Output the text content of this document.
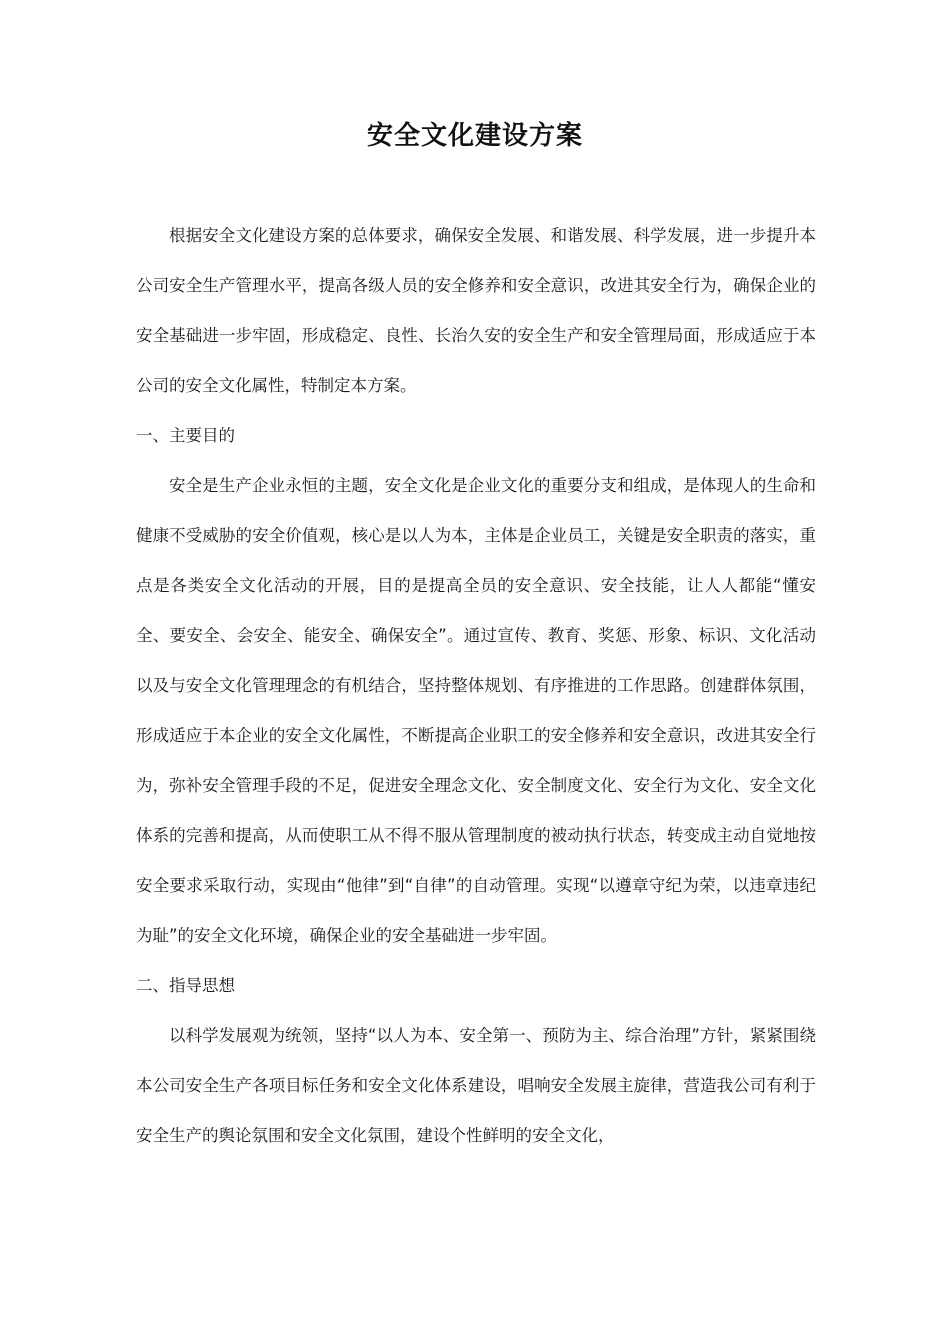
安全文化建设方案

根据安全文化建设方案的总体要求，确保安全发展、和谐发展、科学发展，进一步提升本公司安全生产管理水平，提高各级人员的安全修养和安全意识，改进其安全行为，确保企业的安全基础进一步牢固，形成稳定、良性、长治久安的安全生产和安全管理局面，形成适应于本公司的安全文化属性，特制定本方案。

一、主要目的

安全是生产企业永恒的主题，安全文化是企业文化的重要分支和组成，是体现人的生命和健康不受威胁的安全价值观，核心是以人为本，主体是企业员工，关键是安全职责的落实，重点是各类安全文化活动的开展，目的是提高全员的安全意识、安全技能，让人人都能“懂安全、要安全、会安全、能安全、确保安全”。通过宣传、教育、奖惩、形象、标识、文化活动以及与安全文化管理理念的有机结合，坚持整体规划、有序推进的工作思路。创建群体氛围，形成适应于本企业的安全文化属性，不断提高企业职工的安全修养和安全意识，改进其安全行为，弥补安全管理手段的不足，促进安全理念文化、安全制度文化、安全行为文化、安全文化体系的完善和提高，从而使职工从不得不服从管理制度的被动执行状态，转变成主动自觉地按安全要求采取行动，实现由“他律”到“自律”的自动管理。实现“以遵章守纪为荣，以违章违纪为耻”的安全文化环境，确保企业的安全基础进一步牢固。

二、指导思想

以科学发展观为统领，坚持“以人为本、安全第一、预防为主、综合治理”方针，紧紧围绕本公司安全生产各项目标任务和安全文化体系建设，唱响安全发展主旋律，营造我公司有利于安全生产的舆论氛围和安全文化氛围，建设个性鲜明的安全文化，
